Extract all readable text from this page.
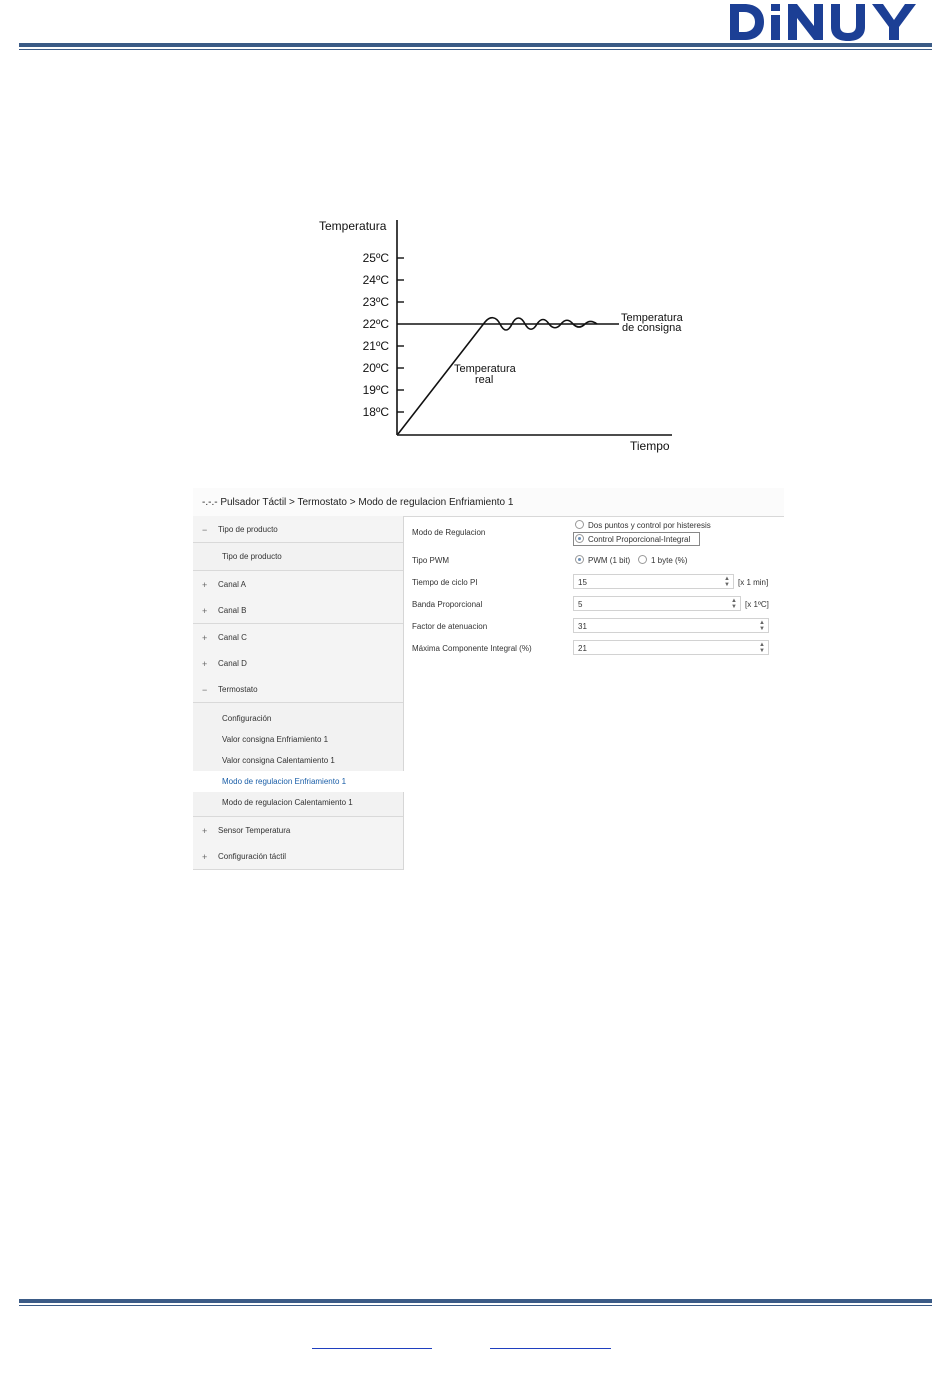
Temperatura
Tiempo
25ºC
24ºC
23ºC
22ºC
21ºC
20ºC
19ºC
18ºC
Temperatura
de consigna
Temperatura
real
-.-.- Pulsador Táctil > Termostato > Modo de regulacion Enfriamiento 1
−	Tipo de producto
Tipo de producto
+	Canal A
+	Canal B
+	Canal C
+	Canal D
−	Termostato
Configuración
Valor consigna Enfriamiento 1
Valor consigna Calentamiento 1
Modo de regulacion Enfriamiento 1
Modo de regulacion Calentamiento 1
+	Sensor Temperatura
+	Configuración táctil
Modo de Regulacion
Dos puntos y control por histeresis
Control Proporcional-Integral
Tipo PWM	PWM (1 bit)	1 byte (%)
Tiempo de ciclo PI	15	▲
▼ [x 1 min]
Banda Proporcional	5	▲
▼ [x 1ºC]
Factor de atenuacion	31	▲
▼
Máxima Componente Integral (%)	21	▲
▼
